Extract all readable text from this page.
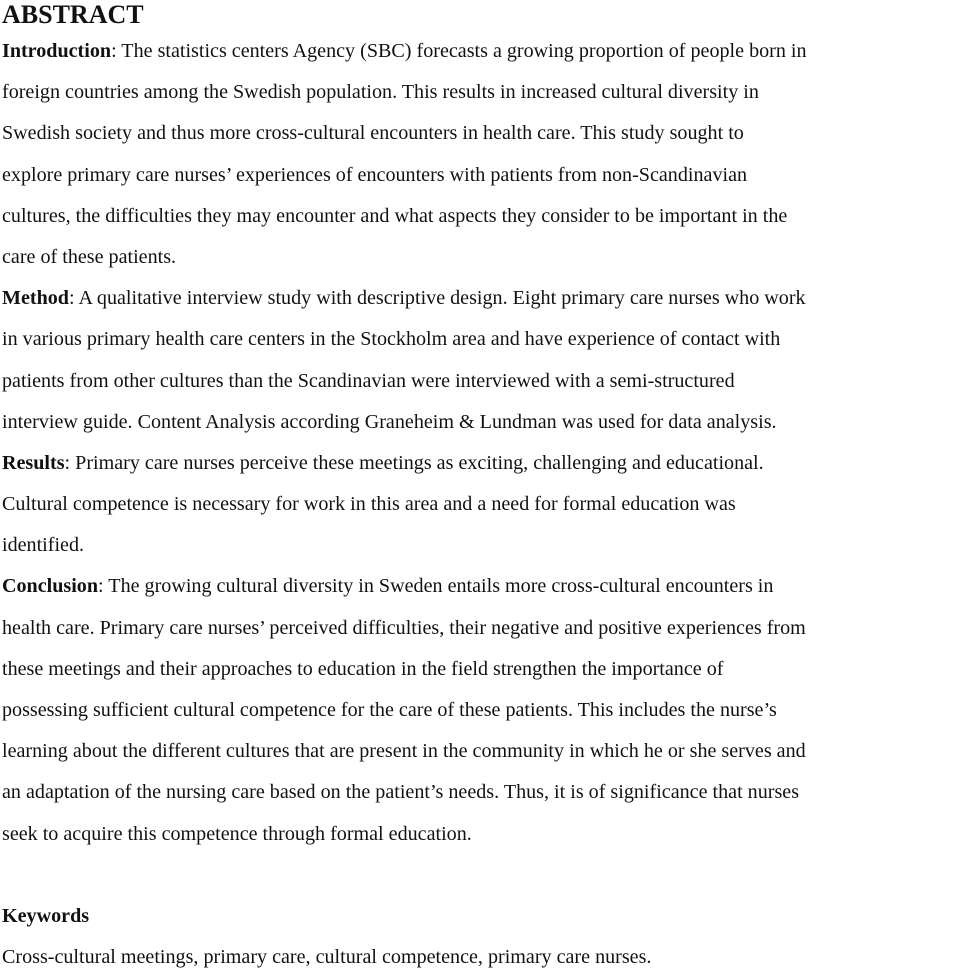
ABSTRACT
Introduction: The statistics centers Agency (SBC) forecasts a growing proportion of people born in
foreign countries among the Swedish population. This results in increased cultural diversity in
Swedish society and thus more cross-cultural encounters in health care. This study sought to
explore primary care nurses’ experiences of encounters with patients from non-Scandinavian
cultures, the difficulties they may encounter and what aspects they consider to be important in the
care of these patients.
Method: A qualitative interview study with descriptive design. Eight primary care nurses who work
in various primary health care centers in the Stockholm area and have experience of contact with
patients from other cultures than the Scandinavian were interviewed with a semi-structured
interview guide. Content Analysis according Graneheim & Lundman was used for data analysis.
Results: Primary care nurses perceive these meetings as exciting, challenging and educational.
Cultural competence is necessary for work in this area and a need for formal education was
identified.
Conclusion: The growing cultural diversity in Sweden entails more cross-cultural encounters in
health care. Primary care nurses’ perceived difficulties, their negative and positive experiences from
these meetings and their approaches to education in the field strengthen the importance of
possessing sufficient cultural competence for the care of these patients. This includes the nurse’s
learning about the different cultures that are present in the community in which he or she serves and
an adaptation of the nursing care based on the patient’s needs. Thus, it is of significance that nurses
seek to acquire this competence through formal education.
Keywords
Cross-cultural meetings, primary care, cultural competence, primary care nurses.
